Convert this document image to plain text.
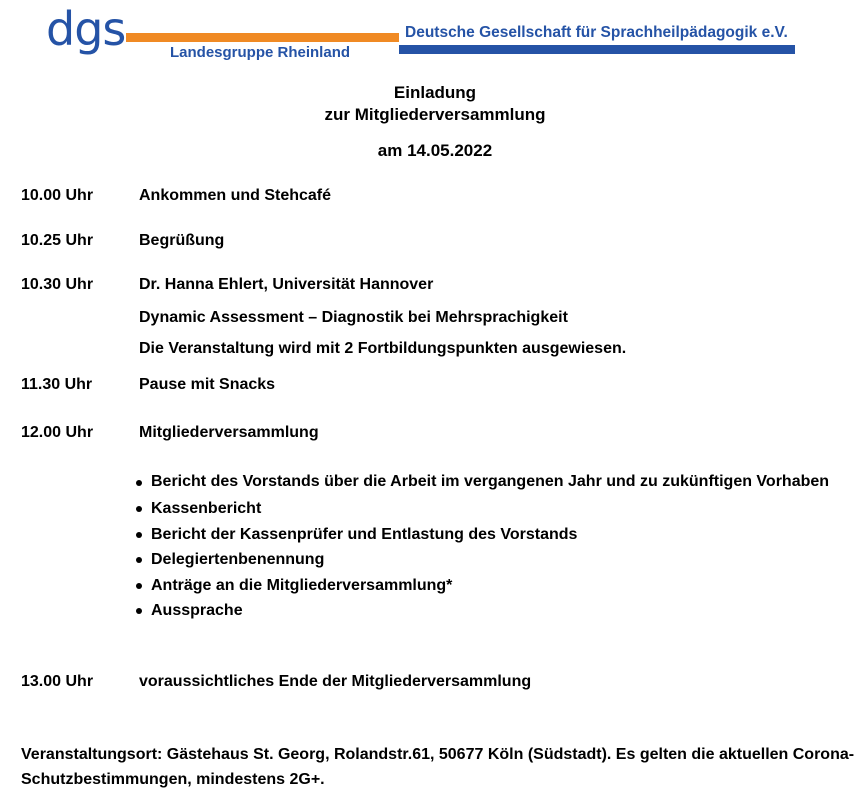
dgs	Deutsche Gesellschaft für Sprachheilpädagogik e.V.
Landesgruppe Rheinland
Einladung
zur Mitgliederversammlung
am 14.05.2022
10.00 Uhr	Ankommen und Stehcafé
10.25 Uhr	Begrüßung
10.30 Uhr	Dr. Hanna Ehlert, Universität Hannover
Dynamic Assessment – Diagnostik bei Mehrsprachigkeit
Die Veranstaltung wird mit 2 Fortbildungspunkten ausgewiesen.
11.30 Uhr	Pause mit Snacks
12.00 Uhr	Mitgliederversammlung
Bericht des Vorstands über die Arbeit im vergangenen Jahr und zu zukünftigen Vorhaben
Kassenbericht
Bericht der Kassenprüfer und Entlastung des Vorstands
Delegiertenbenennung
Anträge an die Mitgliederversammlung*
Aussprache
13.00 Uhr	voraussichtliches Ende der Mitgliederversammlung
Veranstaltungsort: Gästehaus St. Georg, Rolandstr.61, 50677 Köln (Südstadt). Es gelten die aktuellen Corona-Schutzbestimmungen, mindestens 2G+.
